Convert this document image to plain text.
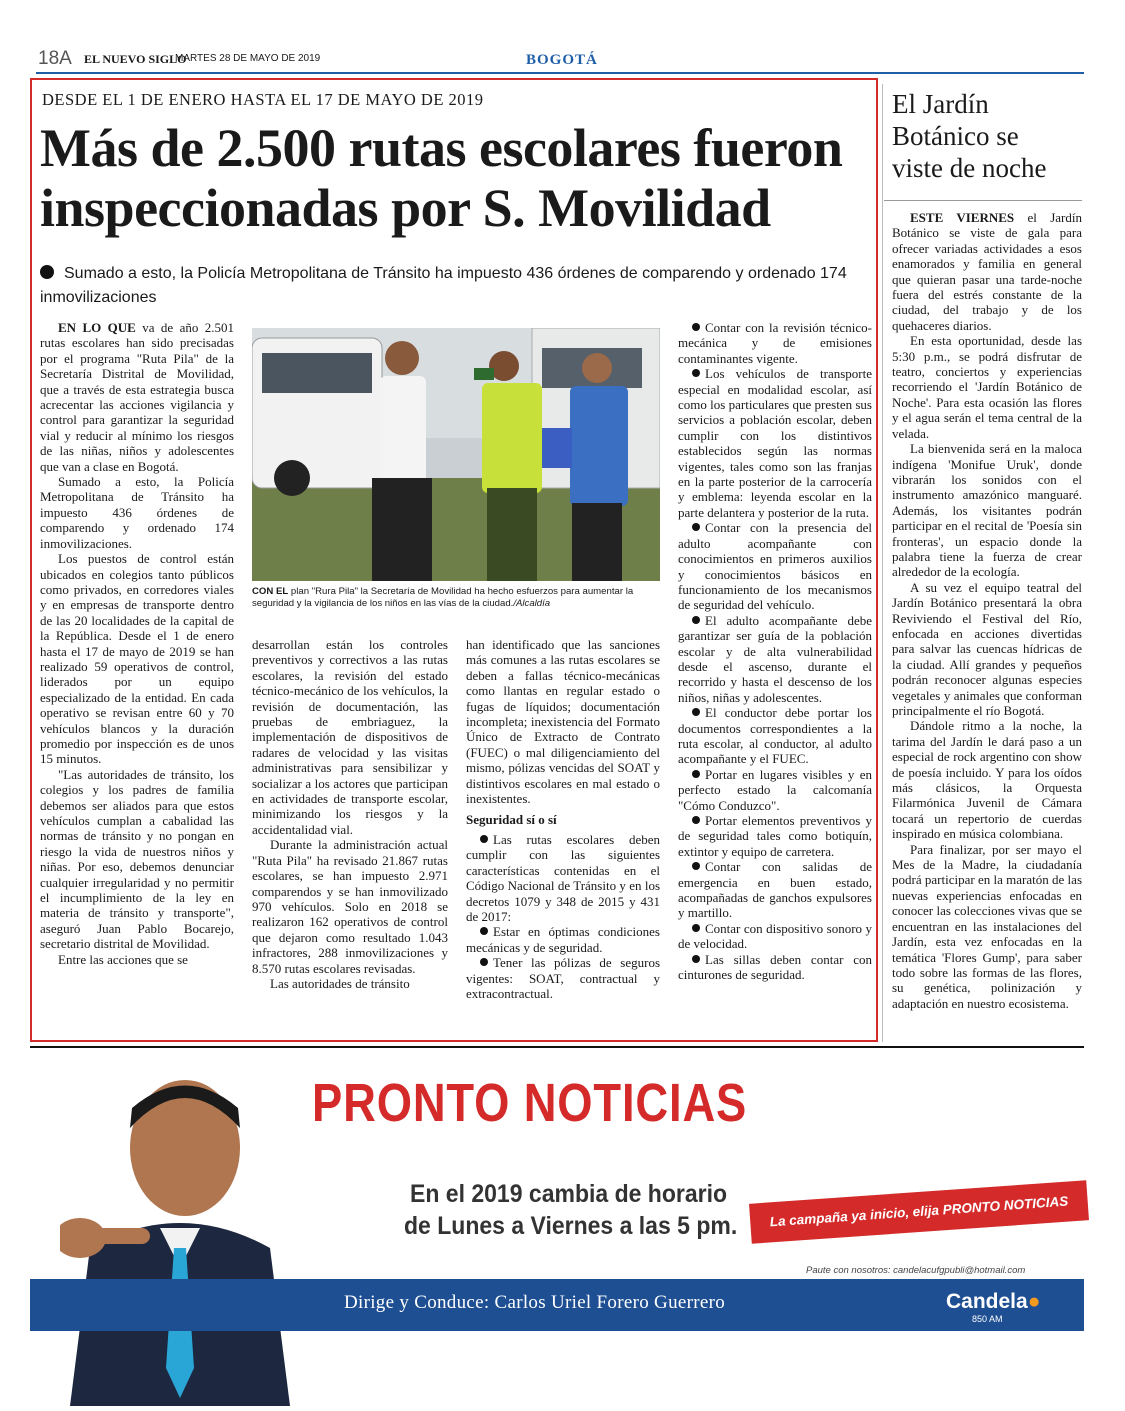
18A EL NUEVO SIGLO
MARTES 28 DE MAYO DE 2019	BOGOTÁ
DESDE EL 1 DE ENERO HASTA EL 17 DE MAYO DE 2019
Más de 2.500 rutas escolares fueron
inspeccionadas por S. Movilidad
Sumado a esto, la Policía Metropolitana de Tránsito ha impuesto 436 órdenes de comparendo y ordenado 174 inmovilizaciones

EN LO QUE va de año 2.501 rutas escolares han sido precisadas por el programa "Ruta Pila" de la Secretaría Distrital de Movilidad, que a través de esta estrategia busca acrecentar las acciones vigilancia y control para garantizar la seguridad vial y reducir al mínimo los riesgos de las niñas, niños y adolescentes que van a clase en Bogotá.

Sumado a esto, la Policía Metropolitana de Tránsito ha impuesto 436 órdenes de comparendo y ordenado 174 inmovilizaciones.

Los puestos de control están ubicados en colegios tanto públicos como privados, en corredores viales y en empresas de transporte dentro de las 20 localidades de la capital de la República. Desde el 1 de enero hasta el 17 de mayo de 2019 se han realizado 59 operativos de control, liderados por un equipo especializado de la entidad. En cada operativo se revisan entre 60 y 70 vehículos blancos y la duración promedio por inspección es de unos 15 minutos.

"Las autoridades de tránsito, los colegios y los padres de familia debemos ser aliados para que estos vehículos cumplan a cabalidad las normas de tránsito y no pongan en riesgo la vida de nuestros niños y niñas. Por eso, debemos denunciar cualquier irregularidad y no permitir el incumplimiento de la ley en materia de tránsito y transporte", aseguró Juan Pablo Bocarejo, secretario distrital de Movilidad.

Entre las acciones que se

CON EL plan "Rura Pila" la Secretaría de Movilidad ha hecho esfuerzos para aumentar la seguridad y la vigilancia de los niños en las vías de la ciudad./Alcaldía

desarrollan están los controles preventivos y correctivos a las rutas escolares, la revisión del estado técnico-mecánico de los vehículos, la revisión de documentación, las pruebas de embriaguez, la implementación de dispositivos de radares de velocidad y las visitas administrativas para sensibilizar y socializar a los actores que participan en actividades de transporte escolar, minimizando los riesgos y la accidentalidad vial.

Durante la administración actual "Ruta Pila" ha revisado 21.867 rutas escolares, se han impuesto 2.971 comparendos y se han inmovilizado 970 vehículos. Solo en 2018 se realizaron 162 operativos de control que dejaron como resultado 1.043 infractores, 288 inmovilizaciones y 8.570 rutas escolares revisadas.

Las autoridades de tránsito

han identificado que las sanciones más comunes a las rutas escolares se deben a fallas técnico-mecánicas como llantas en regular estado o fugas de líquidos; documentación incompleta; inexistencia del Formato Único de Extracto de Contrato (FUEC) o mal diligenciamiento del mismo, pólizas vencidas del SOAT y distintivos escolares en mal estado o inexistentes.

Seguridad sí o sí

Las rutas escolares deben cumplir con las siguientes características contenidas en el Código Nacional de Tránsito y en los decretos 1079 y 348 de 2015 y 431 de 2017:

Estar en óptimas condiciones mecánicas y de seguridad.

Tener las pólizas de seguros vigentes: SOAT, contractual y extracontractual.

Contar con la revisión técnico-mecánica y de emisiones contaminantes vigente.

Los vehículos de transporte especial en modalidad escolar, así como los particulares que presten sus servicios a población escolar, deben cumplir con los distintivos establecidos según las normas vigentes, tales como son las franjas en la parte posterior de la carrocería y emblema: leyenda escolar en la parte delantera y posterior de la ruta.

Contar con la presencia del adulto acompañante con conocimientos en primeros auxilios y conocimientos básicos en funcionamiento de los mecanismos de seguridad del vehículo.

El adulto acompañante debe garantizar ser guía de la población escolar y de alta vulnerabilidad desde el ascenso, durante el recorrido y hasta el descenso de los niños, niñas y adolescentes.

El conductor debe portar los documentos correspondientes a la ruta escolar, al conductor, al adulto acompañante y el FUEC.

Portar en lugares visibles y en perfecto estado la calcomanía "Cómo Conduzco".

Portar elementos preventivos y de seguridad tales como botiquín, extintor y equipo de carretera.

Contar con salidas de emergencia en buen estado, acompañadas de ganchos expulsores y martillo.

Contar con dispositivo sonoro y de velocidad.

Las sillas deben contar con cinturones de seguridad.

El Jardín
Botánico se
viste de noche

ESTE VIERNES el Jardín Botánico se viste de gala para ofrecer variadas actividades a esos enamorados y familia en general que quieran pasar una tarde-noche fuera del estrés constante de la ciudad, del trabajo y de los quehaceres diarios.

En esta oportunidad, desde las 5:30 p.m., se podrá disfrutar de teatro, conciertos y experiencias recorriendo el 'Jardín Botánico de Noche'. Para esta ocasión las flores y el agua serán el tema central de la velada.

La bienvenida será en la maloca indígena 'Monifue Uruk', donde vibrarán los sonidos con el instrumento amazónico manguaré. Además, los visitantes podrán participar en el recital de 'Poesía sin fronteras', un espacio donde la palabra tiene la fuerza de crear alrededor de la ecología.

A su vez el equipo teatral del Jardín Botánico presentará la obra Reviviendo el Festival del Río, enfocada en acciones divertidas para salvar las cuencas hídricas de la ciudad. Allí grandes y pequeños podrán reconocer algunas especies vegetales y animales que conforman principalmente el río Bogotá.

Dándole ritmo a la noche, la tarima del Jardín le dará paso a un especial de rock argentino con show de poesía incluido. Y para los oídos más clásicos, la Orquesta Filarmónica Juvenil de Cámara tocará un repertorio de cuerdas inspirado en música colombiana.

Para finalizar, por ser mayo el Mes de la Madre, la ciudadanía podrá participar en la maratón de las nuevas experiencias enfocadas en conocer las colecciones vivas que se encuentran en las instalaciones del Jardín, esta vez enfocadas en la temática 'Flores Gump', para saber todo sobre las formas de las flores, su genética, polinización y adaptación en nuestro ecosistema.

PRONTO NOTICIAS
En el 2019 cambia de horario
de Lunes a Viernes a las 5 pm.	La campaña ya inicio, elija PRONTO NOTICIAS
Paute con nosotros: candelacufgpubli@hotmail.com
Dirige y Conduce: Carlos Uriel Forero Guerrero	Candela●
850 AM
